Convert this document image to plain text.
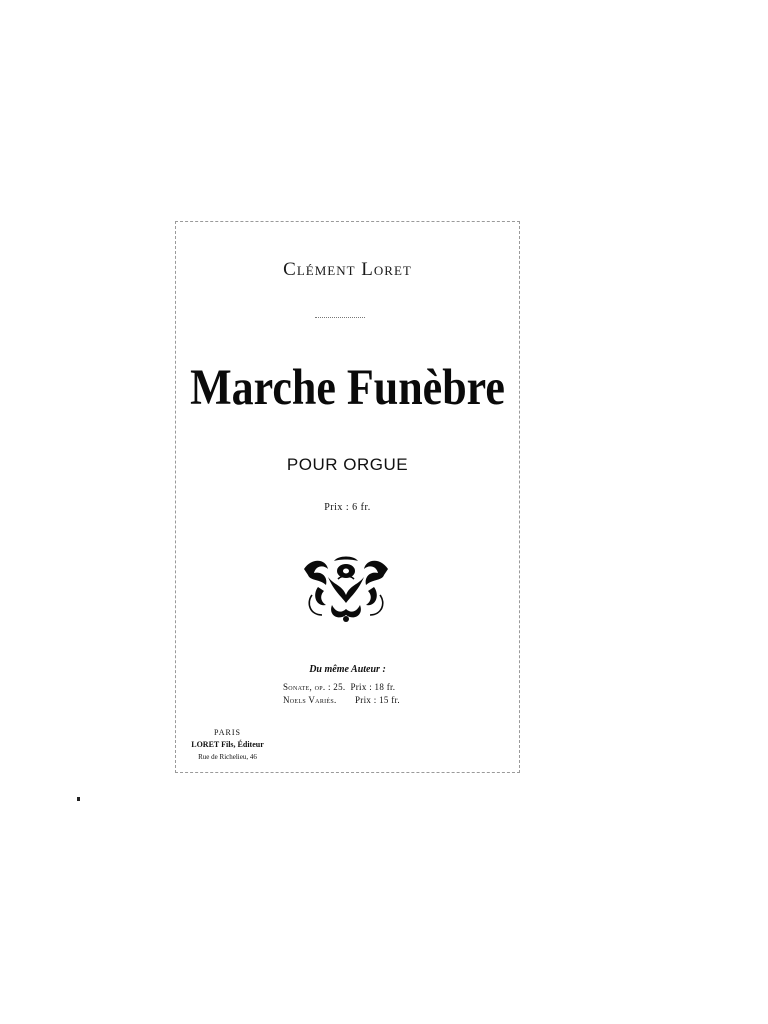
Clément Loret
Marche Funèbre
POUR ORGUE
Prix : 6 fr.
Du même Auteur :
Sonate, op. : 25. Prix : 18 fr.
Noels Variés.	Prix : 15 fr.
PARIS
LORET Fils, Éditeur
Rue de Richelieu, 46
